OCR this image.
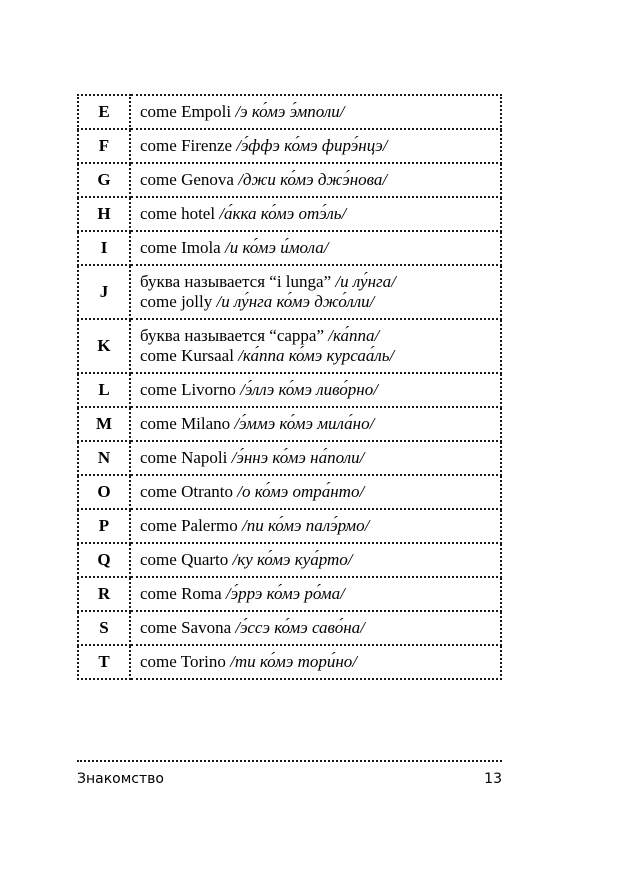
E	come Empoli /э ко́мэ э́мполи/

F	come Firenze /э́ффэ ко́мэ фирэ́нцэ/

G	come Genova /джи ко́мэ джэ́нова/

H	come hotel /а́кка ко́мэ отэ́ль/

I	come Imola /и ко́мэ и́мола/

J	буква называется “i lunga” /и лу́нга/
come jolly /и лу́нга ко́мэ джо́лли/

K	буква называется “cappa” /ка́ппа/
come Kursaal /ка́ппа ко́мэ курсаа́ль/

L	come Livorno /э́ллэ ко́мэ ливо́рно/

M	come Milano /э́ммэ ко́мэ мила́но/

N	come Napoli /э́ннэ ко́мэ на́поли/

O	come Otranto /о ко́мэ отра́нто/

P	come Palermo /пи ко́мэ палэ́рмо/

Q	come Quarto /ку ко́мэ куа́рто/

R	come Roma /э́ррэ ко́мэ ро́ма/

S	come Savona /э́ссэ ко́мэ саво́на/

T	come Torino /ти ко́мэ тори́но/
Знакомство	13
